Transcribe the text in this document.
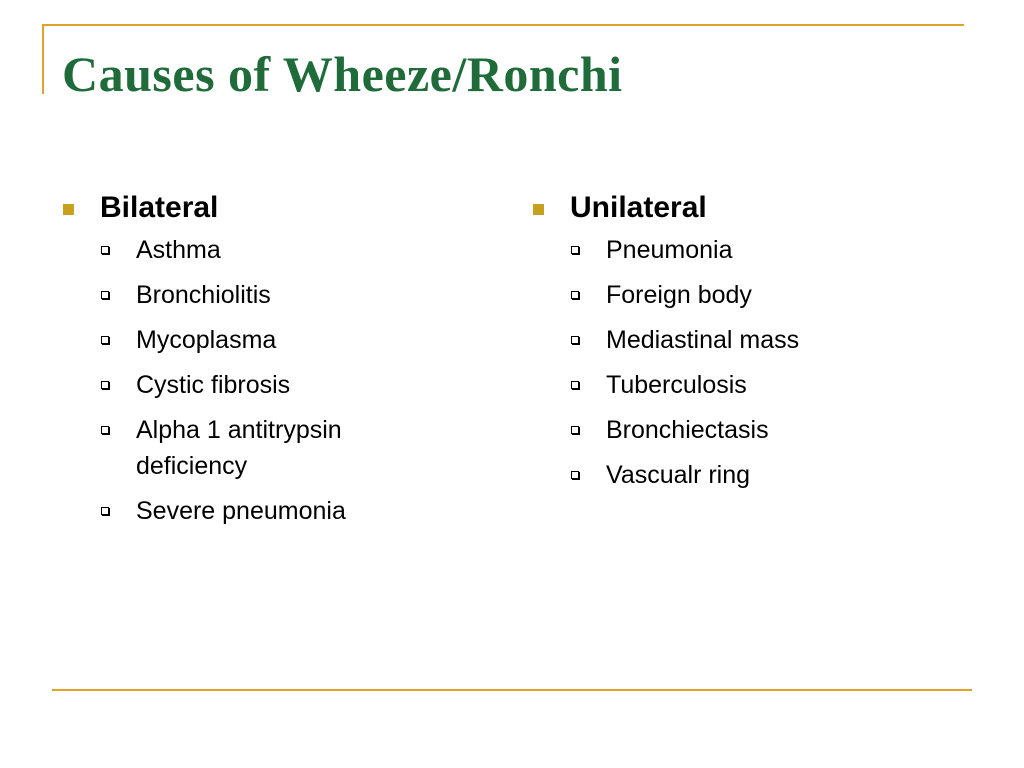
Causes of Wheeze/Ronchi
Bilateral
Asthma
Bronchiolitis
Mycoplasma
Cystic fibrosis
Alpha 1 antitrypsin deficiency
Severe pneumonia
Unilateral
Pneumonia
Foreign body
Mediastinal mass
Tuberculosis
Bronchiectasis
Vascualr ring
